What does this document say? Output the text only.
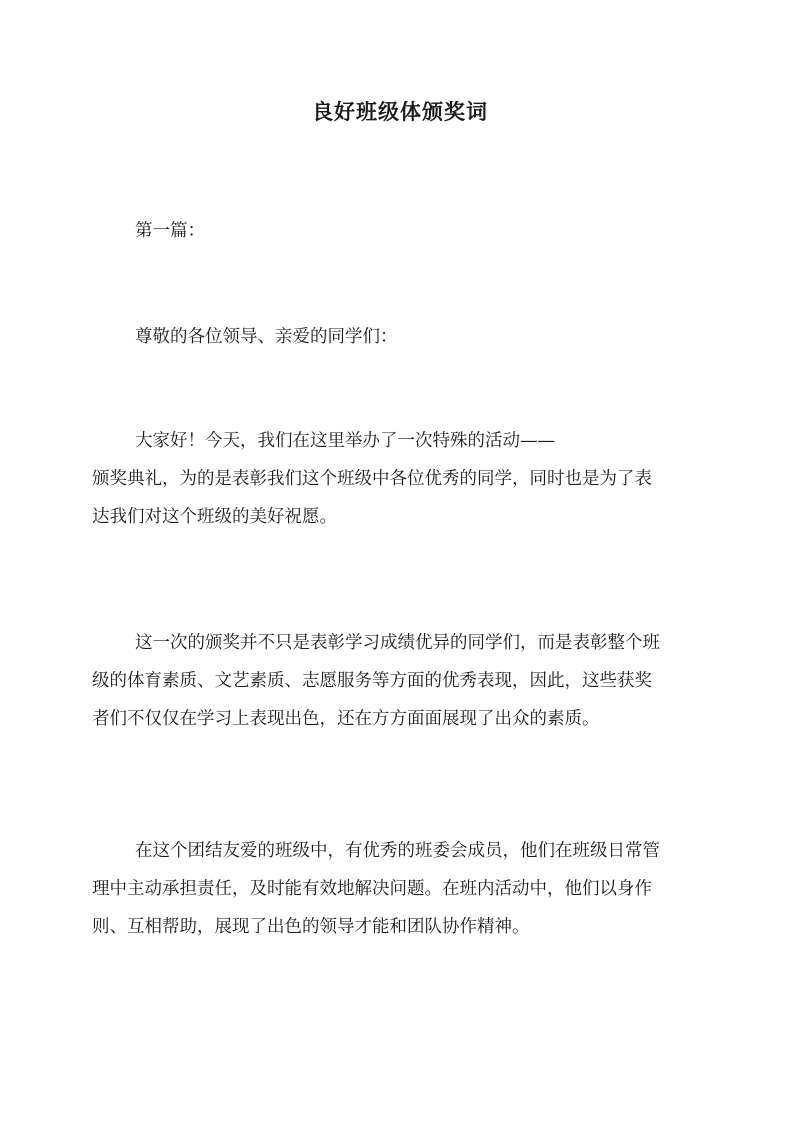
良好班级体颁奖词
第一篇：
尊敬的各位领导、亲爱的同学们：
大家好！今天，我们在这里举办了一次特殊的活动——
颁奖典礼，为的是表彰我们这个班级中各位优秀的同学，同时也是为了表
达我们对这个班级的美好祝愿。
这一次的颁奖并不只是表彰学习成绩优异的同学们，而是表彰整个班
级的体育素质、文艺素质、志愿服务等方面的优秀表现，因此，这些获奖
者们不仅仅在学习上表现出色，还在方方面面展现了出众的素质。
在这个团结友爱的班级中，有优秀的班委会成员，他们在班级日常管
理中主动承担责任，及时能有效地解决问题。在班内活动中，他们以身作
则、互相帮助，展现了出色的领导才能和团队协作精神。
